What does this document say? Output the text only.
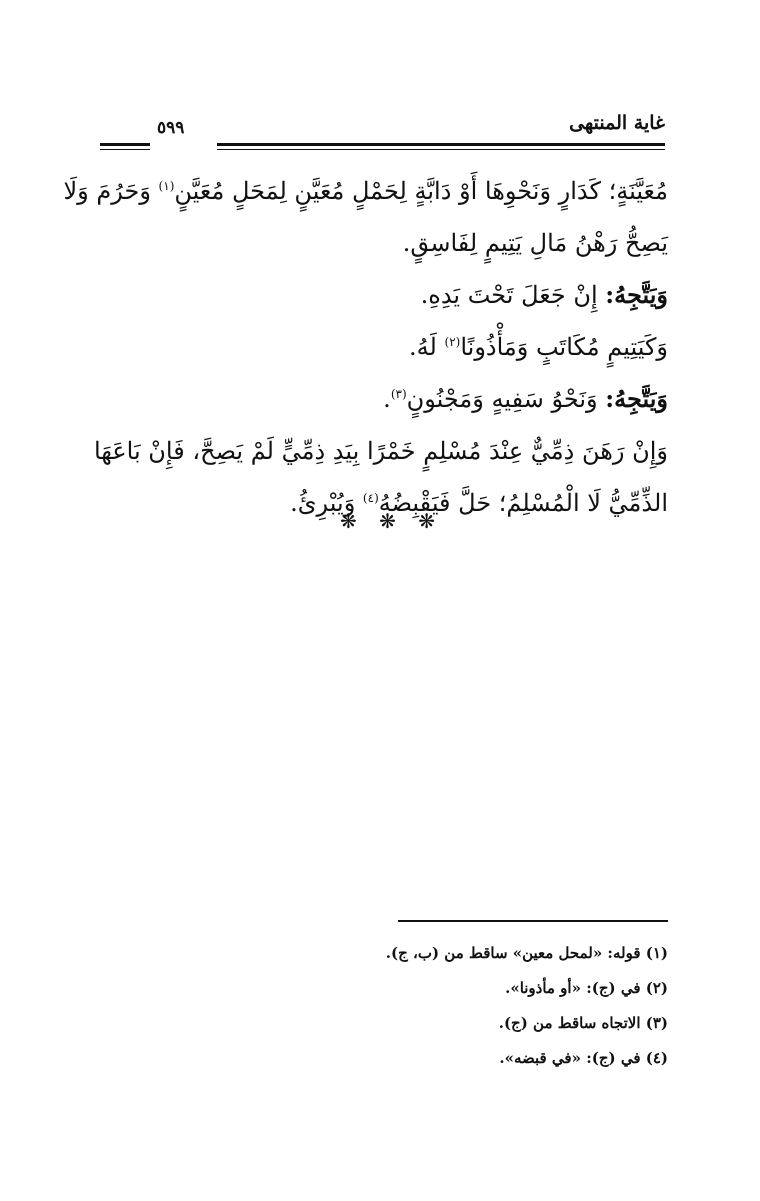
غاية المنتهى
٥٩٩
مُعَيَّنَةٍ؛ كَدَارٍ وَنَحْوِهَا أَوْ دَابَّةٍ لِحَمْلٍ مُعَيَّنٍ لِمَحَلٍ مُعَيَّنٍ$^{(١)}$ وَحَرُمَ وَلَا
يَصِحُّ رَهْنُ مَالِ يَتِيمٍ لِفَاسِقٍ.
وَيَتَّجِهُ: إِنْ جَعَلَ تَحْتَ يَدِهِ.
وَكَيَتِيمٍ مُكَاتَبٍ وَمَأْذُونًا$^{(٢)}$ لَهُ.
وَيَتَّجِهُ: وَنَحْوُ سَفِيهٍ وَمَجْنُونٍ$^{(٣)}$.
وَإِنْ رَهَنَ ذِمِّيٌّ عِنْدَ مُسْلِمٍ خَمْرًا بِيَدِ ذِمِّيٍّ لَمْ يَصِحَّ، فَإِنْ بَاعَهَا
الذِّمِّيُّ لَا الْمُسْلِمُ؛ حَلَّ فَيَقْبِضُهُ$^{(٤)}$ وَيُبْرِئُ.
❋ ❋ ❋
(١) قوله: «لمحل معين» ساقط من (ب، ج).
(٢) في (ج): «أو مأذونا».
(٣) الاتجاه ساقط من (ج).
(٤) في (ج): «في قبضه».
